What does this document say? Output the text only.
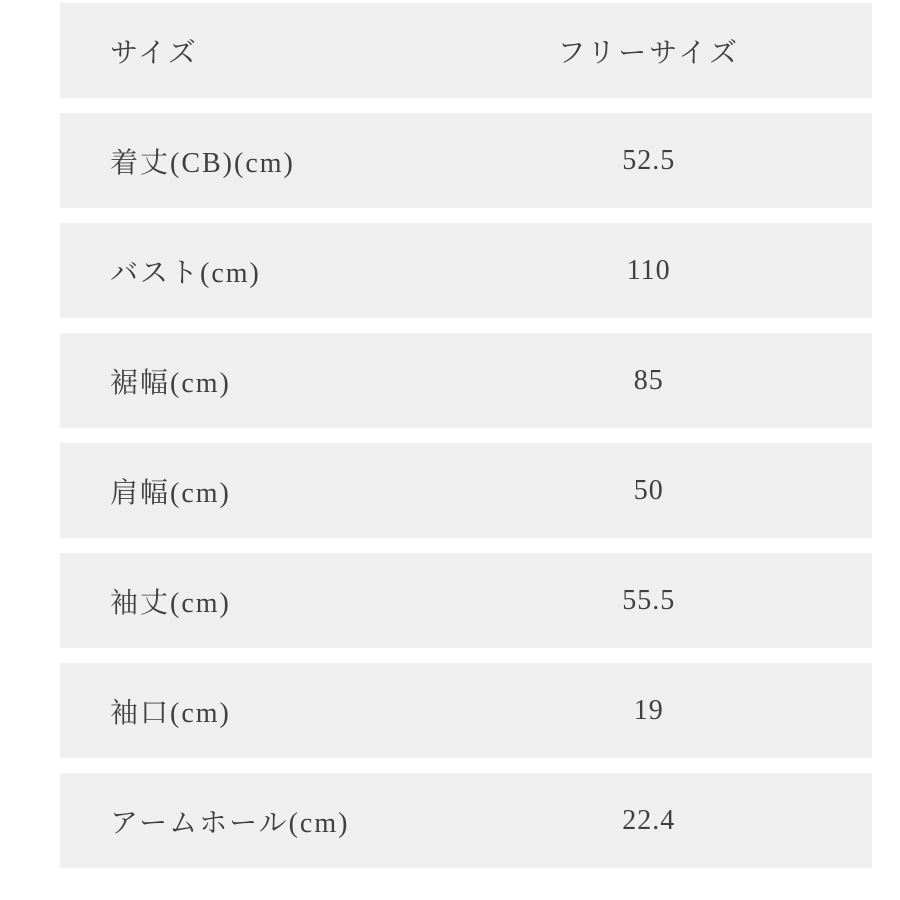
サイズ	フリーサイズ
着丈(CB)(cm)	52.5
バスト(cm)	110
裾幅(cm)	85
肩幅(cm)	50
袖丈(cm)	55.5
袖口(cm)	19
アームホール(cm)	22.4
